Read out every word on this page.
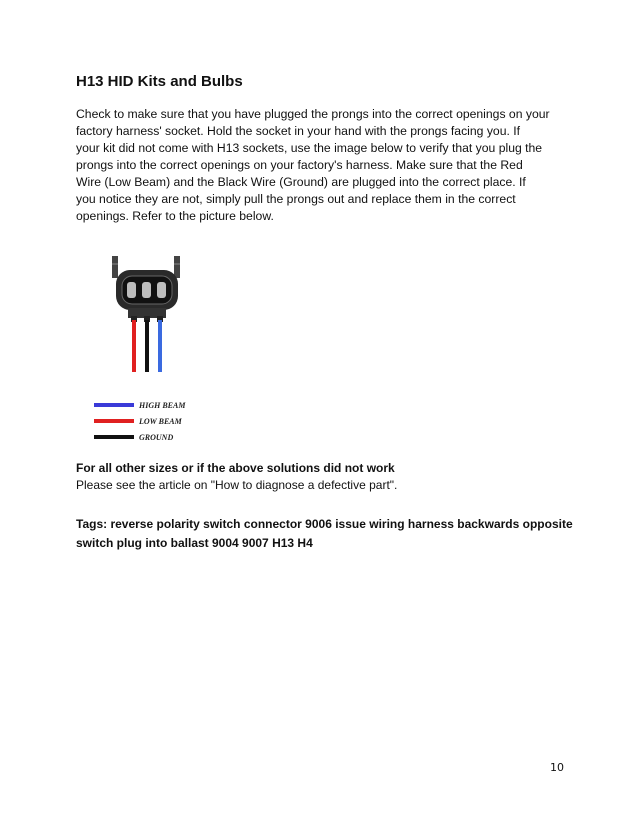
H13 HID Kits and Bulbs

Check to make sure that you have plugged the prongs into the correct openings on your
factory harness' socket. Hold the socket in your hand with the prongs facing you. If
your kit did not come with H13 sockets, use the image below to verify that you plug the
prongs into the correct openings on your factory's harness. Make sure that the Red
Wire (Low Beam) and the Black Wire (Ground) are plugged into the correct place. If
you notice they are not, simply pull the prongs out and replace them in the correct
openings. Refer to the picture below.

HIGH BEAM
LOW BEAM
GROUND

For all other sizes or if the above solutions did not work

Please see the article on "How to diagnose a defective part".

Tags: reverse polarity switch connector 9006 issue wiring harness backwards opposite
switch plug into ballast 9004 9007 H13 H4

10
